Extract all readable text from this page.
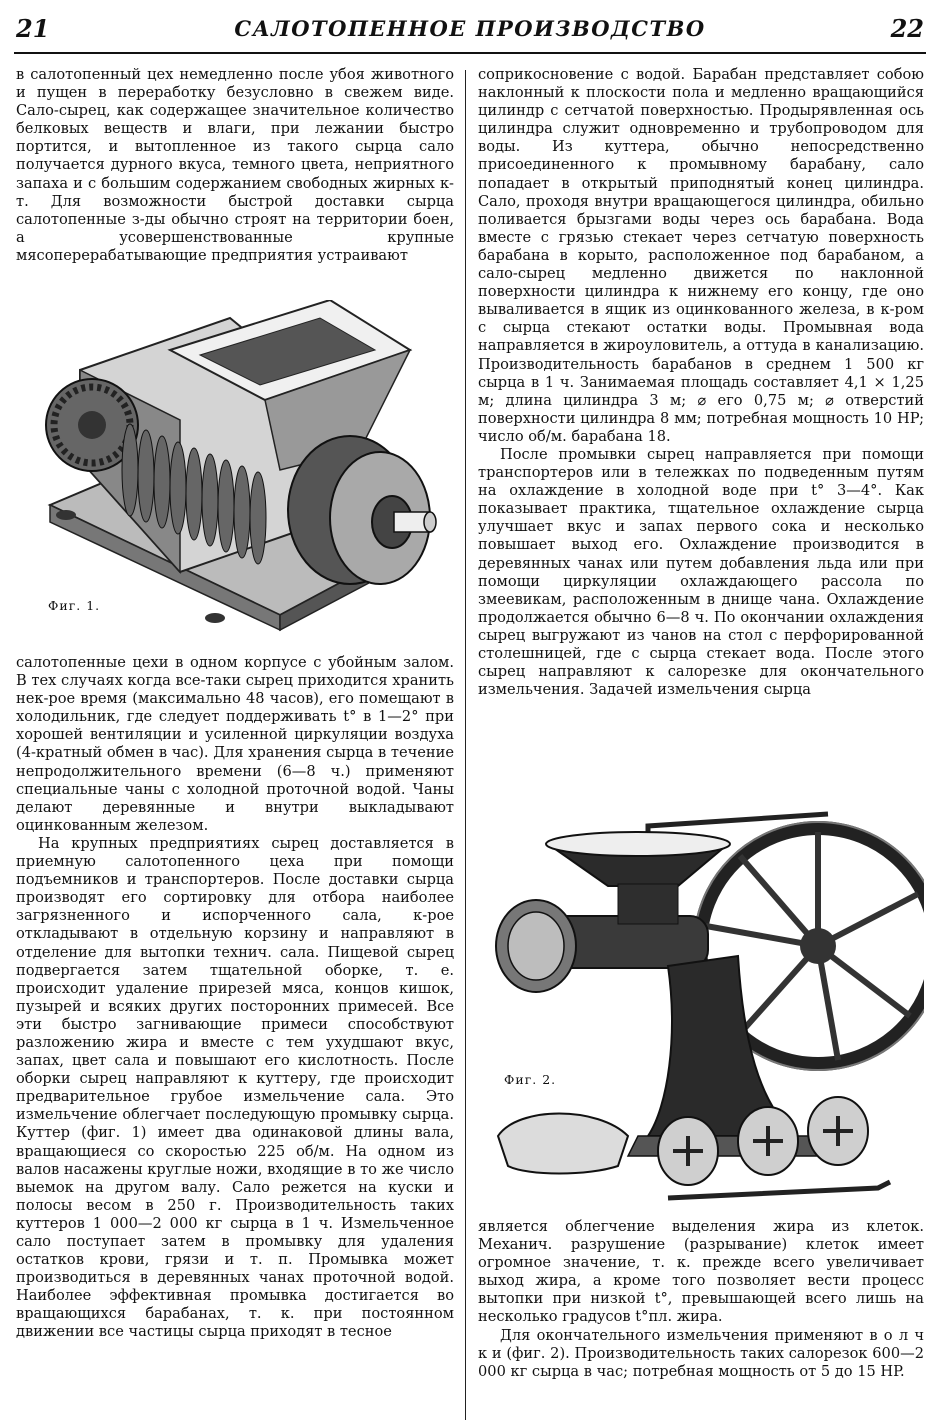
21	САЛОТОПЕННОЕ ПРОИЗВОДСТВО	22

в салотопенный цех немедленно после убоя животного и пущен в переработку безусловно в свежем виде. Сало-сырец, как содержащее значительное количество белковых веществ и влаги, при лежании быстро портится, и вытопленное из такого сырца сало получается дурного вкуса, темного цвета, неприятного запаха и с большим содержанием свободных жирных к-т. Для возможности быстрой доставки сырца салотопенные з-ды обычно строят на территории боен, а усовершенствованные крупные мясоперерабатывающие предприятия устраивают

Фиг. 1.

салотопенные цехи в одном корпусе с убойным залом. В тех случаях когда все-таки сырец приходится хранить нек-рое время (максимально 48 часов), его помещают в холодильник, где следует поддерживать t° в 1—2° при хорошей вентиляции и усиленной циркуляции воздуха (4-кратный обмен в час). Для хранения сырца в течение непродолжительного времени (6—8 ч.) применяют специальные чаны с холодной проточной водой. Чаны делают деревянные и внутри выкладывают оцинкованным железом.

На крупных предприятиях сырец доставляется в приемную салотопенного цеха при помощи подъемников и транспортеров. После доставки сырца производят его сортировку для отбора наиболее загрязненного и испорченного сала, к-рое откладывают в отдельную корзину и направляют в отделение для вытопки технич. сала. Пищевой сырец подвергается затем тщательной оборке, т. е. происходит удаление прирезей мяса, концов кишок, пузырей и всяких других посторонних примесей. Все эти быстро загнивающие примеси способствуют разложению жира и вместе с тем ухудшают вкус, запах, цвет сала и повышают его кислотность. После оборки сырец направляют к куттеру, где происходит предварительное грубое измельчение сала. Это измельчение облегчает последующую промывку сырца. Куттер (фиг. 1) имеет два одинаковой длины вала, вращающиеся со скоростью 225 об/м. На одном из валов насажены круглые ножи, входящие в то же число выемок на другом валу. Сало режется на куски и полосы весом в 250 г. Производительность таких куттеров 1 000—2 000 кг сырца в 1 ч. Измельченное сало поступает затем в промывку для удаления остатков крови, грязи и т. п. Промывка может производиться в деревянных чанах проточной водой. Наиболее эффективная промывка достигается во вращающихся барабанах, т. к. при постоянном движении все частицы сырца приходят в тесное

соприкосновение с водой. Барабан представляет собою наклонный к плоскости пола и медленно вращающийся цилиндр с сетчатой поверхностью. Продырявленная ось цилиндра служит одновременно и трубопроводом для воды. Из куттера, обычно непосредственно присоединенного к промывному барабану, сало попадает в открытый приподнятый конец цилиндра. Сало, проходя внутри вращающегося цилиндра, обильно поливается брызгами воды через ось барабана. Вода вместе с грязью стекает через сетчатую поверхность барабана в корыто, расположенное под барабаном, а сало-сырец медленно движется по наклонной поверхности цилиндра к нижнему его концу, где оно вываливается в ящик из оцинкованного железа, в к-ром с сырца стекают остатки воды. Промывная вода направляется в жироуловитель, а оттуда в канализацию. Производительность барабанов в среднем 1 500 кг сырца в 1 ч. Занимаемая площадь составляет 4,1 × 1,25 м; длина цилиндра 3 м; ⌀ его 0,75 м; ⌀ отверстий поверхности цилиндра 8 мм; потребная мощность 10 HP; число об/м. барабана 18.

После промывки сырец направляется при помощи транспортеров или в тележках по подведенным путям на охлаждение в холодной воде при t° 3—4°. Как показывает практика, тщательное охлаждение сырца улучшает вкус и запах первого сока и несколько повышает выход его. Охлаждение производится в деревянных чанах или путем добавления льда или при помощи циркуляции охлаждающего рассола по змеевикам, расположенным в днище чана. Охлаждение продолжается обычно 6—8 ч. По окончании охлаждения сырец выгружают из чанов на стол с перфорированной столешницей, где с сырца стекает вода. После этого сырец направляют к салорезке для окончательного измельчения. Задачей измельчения сырца

Фиг. 2.

является облегчение выделения жира из клеток. Механич. разрушение (разрывание) клеток имеет огромное значение, т. к. прежде всего увеличивает выход жира, а кроме того позволяет вести процесс вытопки при низкой t°, превышающей всего лишь на несколько градусов t°пл. жира.

Для окончательного измельчения применяют в о л ч к и (фиг. 2). Производительность таких салорезок 600—2 000 кг сырца в час; потребная мощность от 5 до 15 HP.
